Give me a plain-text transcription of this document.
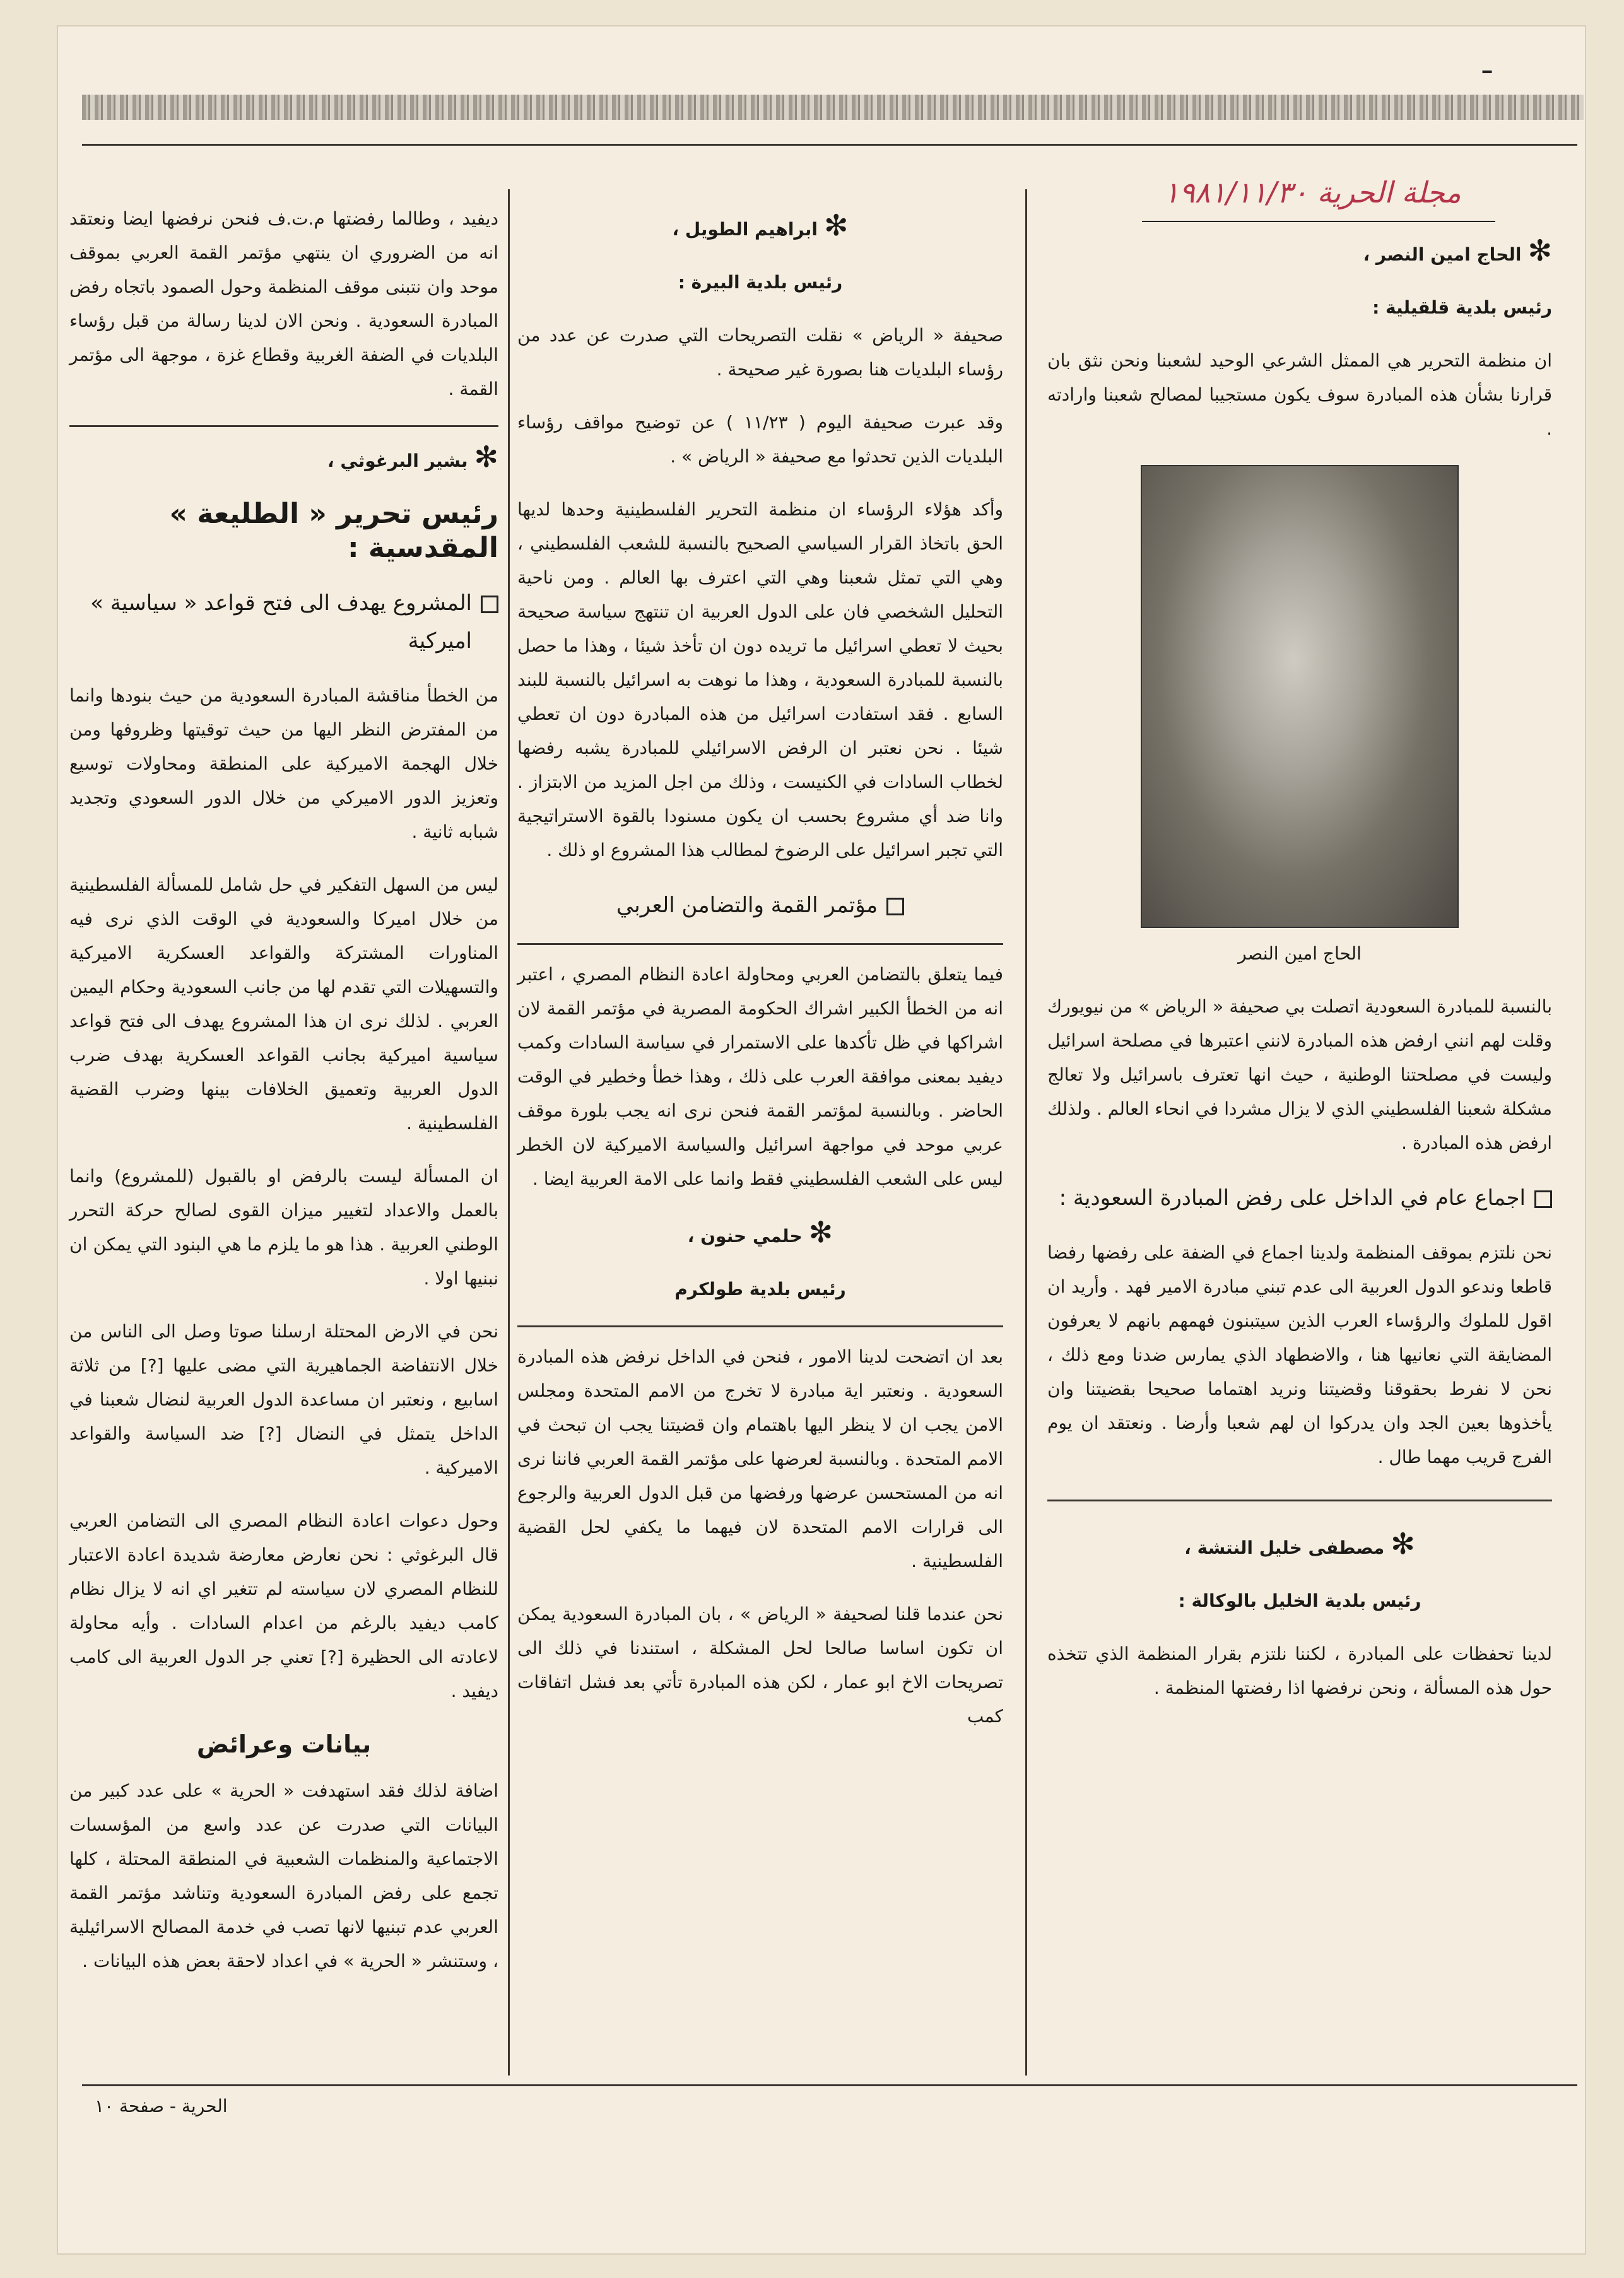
ـ
مجلة الحرية ١٩٨١/١١/٣٠

✻الحاج امين النصر ،

رئيس بلدية قلقيلية :

ان منظمة التحرير هي الممثل الشرعي الوحيد لشعبنا ونحن نثق بان قرارنا بشأن هذه المبادرة سوف يكون مستجيبا لمصالح شعبنا وارادته .

الحاج امين النصر

بالنسبة للمبادرة السعودية اتصلت بي صحيفة « الرياض » من نيويورك وقلت لهم انني ارفض هذه المبادرة لانني اعتبرها في مصلحة اسرائيل وليست في مصلحتنا الوطنية ، حيث انها تعترف باسرائيل ولا تعالج مشكلة شعبنا الفلسطيني الذي لا يزال مشردا في انحاء العالم . ولذلك ارفض هذه المبادرة .

اجماع عام في الداخل على رفض المبادرة السعودية :

نحن نلتزم بموقف المنظمة ولدينا اجماع في الضفة على رفضها رفضا قاطعا وندعو الدول العربية الى عدم تبني مبادرة الامير فهد . وأريد ان اقول للملوك والرؤساء العرب الذين سيتبنون فهمهم بانهم لا يعرفون المضايقة التي نعانيها هنا ، والاضطهاد الذي يمارس ضدنا ومع ذلك ، نحن لا نفرط بحقوقنا وقضيتنا ونريد اهتماما صحيحا بقضيتنا وان يأخذوها بعين الجد وان يدركوا ان لهم شعبا وأرضا . ونعتقد ان يوم الفرج قريب مهما طال .

✻مصطفى خليل النتشة ،

رئيس بلدية الخليل بالوكالة :

لدينا تحفظات على المبادرة ، لكننا نلتزم بقرار المنظمة الذي تتخذه حول هذه المسألة ، ونحن نرفضها اذا رفضتها المنظمة .

✻ابراهيم الطويل ،

رئيس بلدية البيرة :

صحيفة « الرياض » نقلت التصريحات التي صدرت عن عدد من رؤساء البلديات هنا بصورة غير صحيحة .

وقد عبرت صحيفة اليوم ( ١١/٢٣ ) عن توضيح مواقف رؤساء البلديات الذين تحدثوا مع صحيفة « الرياض » .

وأكد هؤلاء الرؤساء ان منظمة التحرير الفلسطينية وحدها لديها الحق باتخاذ القرار السياسي الصحيح بالنسبة للشعب الفلسطيني ، وهي التي تمثل شعبنا وهي التي اعترف بها العالم . ومن ناحية التحليل الشخصي فان على الدول العربية ان تنتهج سياسة صحيحة بحيث لا تعطي اسرائيل ما تريده دون ان تأخذ شيئا ، وهذا ما حصل بالنسبة للمبادرة السعودية ، وهذا ما نوهت به اسرائيل بالنسبة للبند السابع . فقد استفادت اسرائيل من هذه المبادرة دون ان تعطي شيئا . نحن نعتبر ان الرفض الاسرائيلي للمبادرة يشبه رفضها لخطاب السادات في الكنيست ، وذلك من اجل المزيد من الابتزاز . وانا ضد أي مشروع بحسب ان يكون مسنودا بالقوة الاستراتيجية التي تجبر اسرائيل على الرضوخ لمطالب هذا المشروع او ذلك .

مؤتمر القمة والتضامن العربي

فيما يتعلق بالتضامن العربي ومحاولة اعادة النظام المصري ، اعتبر انه من الخطأ الكبير اشراك الحكومة المصرية في مؤتمر القمة لان اشراكها في ظل تأكدها على الاستمرار في سياسة السادات وكمب ديفيد بمعنى موافقة العرب على ذلك ، وهذا خطأ وخطير في الوقت الحاضر . وبالنسبة لمؤتمر القمة فنحن نرى انه يجب بلورة موقف عربي موحد في مواجهة اسرائيل والسياسة الاميركية لان الخطر ليس على الشعب الفلسطيني فقط وانما على الامة العربية ايضا .

✻حلمي حنون ،

رئيس بلدية طولكرم

بعد ان اتضحت لدينا الامور ، فنحن في الداخل نرفض هذه المبادرة السعودية . ونعتبر اية مبادرة لا تخرج من الامم المتحدة ومجلس الامن يجب ان لا ينظر اليها باهتمام وان قضيتنا يجب ان تبحث في الامم المتحدة . وبالنسبة لعرضها على مؤتمر القمة العربي فاننا نرى انه من المستحسن عرضها ورفضها من قبل الدول العربية والرجوع الى قرارات الامم المتحدة لان فيهما ما يكفي لحل القضية الفلسطينية .

نحن عندما قلنا لصحيفة « الرياض » ، بان المبادرة السعودية يمكن ان تكون اساسا صالحا لحل المشكلة ، استندنا في ذلك الى تصريحات الاخ ابو عمار ، لكن هذه المبادرة تأتي بعد فشل اتفاقات كمب

ديفيد ، وطالما رفضتها م.ت.ف فنحن نرفضها ايضا ونعتقد انه من الضروري ان ينتهي مؤتمر القمة العربي بموقف موحد وان نتبنى موقف المنظمة وحول الصمود باتجاه رفض المبادرة السعودية . ونحن الان لدينا رسالة من قبل رؤساء البلديات في الضفة الغربية وقطاع غزة ، موجهة الى مؤتمر القمة .

✻بشير البرغوثي ،

رئيس تحرير « الطليعة » المقدسية :

المشروع يهدف الى فتح قواعد « سياسية » اميركية

من الخطأ مناقشة المبادرة السعودية من حيث بنودها وانما من المفترض النظر اليها من حيث توقيتها وظروفها ومن خلال الهجمة الاميركية على المنطقة ومحاولات توسيع وتعزيز الدور الاميركي من خلال الدور السعودي وتجديد شبابه ثانية .

ليس من السهل التفكير في حل شامل للمسألة الفلسطينية من خلال اميركا والسعودية في الوقت الذي نرى فيه المناورات المشتركة والقواعد العسكرية الاميركية والتسهيلات التي تقدم لها من جانب السعودية وحكام اليمين العربي . لذلك نرى ان هذا المشروع يهدف الى فتح قواعد سياسية اميركية بجانب القواعد العسكرية بهدف ضرب الدول العربية وتعميق الخلافات بينها وضرب القضية الفلسطينية .

ان المسألة ليست بالرفض او بالقبول (للمشروع) وانما بالعمل والاعداد لتغيير ميزان القوى لصالح حركة التحرر الوطني العربية . هذا هو ما يلزم ما هي البنود التي يمكن ان نبنيها اولا .

نحن في الارض المحتلة ارسلنا صوتا وصل الى الناس من خلال الانتفاضة الجماهيرية التي مضى عليها [?] من ثلاثة اسابيع ، ونعتبر ان مساعدة الدول العربية لنضال شعبنا في الداخل يتمثل في النضال [?] ضد السياسة والقواعد الاميركية .

وحول دعوات اعادة النظام المصري الى التضامن العربي قال البرغوثي : نحن نعارض معارضة شديدة اعادة الاعتبار للنظام المصري لان سياسته لم تتغير اي انه لا يزال نظام كامب ديفيد بالرغم من اعدام السادات . وأيه محاولة لاعادته الى الحظيرة [?] تعني جر الدول العربية الى كامب ديفيد .

بيانات وعرائض

اضافة لذلك فقد استهدفت « الحرية » على عدد كبير من البيانات التي صدرت عن عدد واسع من المؤسسات الاجتماعية والمنظمات الشعبية في المنطقة المحتلة ، كلها تجمع على رفض المبادرة السعودية وتناشد مؤتمر القمة العربي عدم تبنيها لانها تصب في خدمة المصالح الاسرائيلية ، وستنشر « الحرية » في اعداد لاحقة بعض هذه البيانات .

الحرية - صفحة ١٠
